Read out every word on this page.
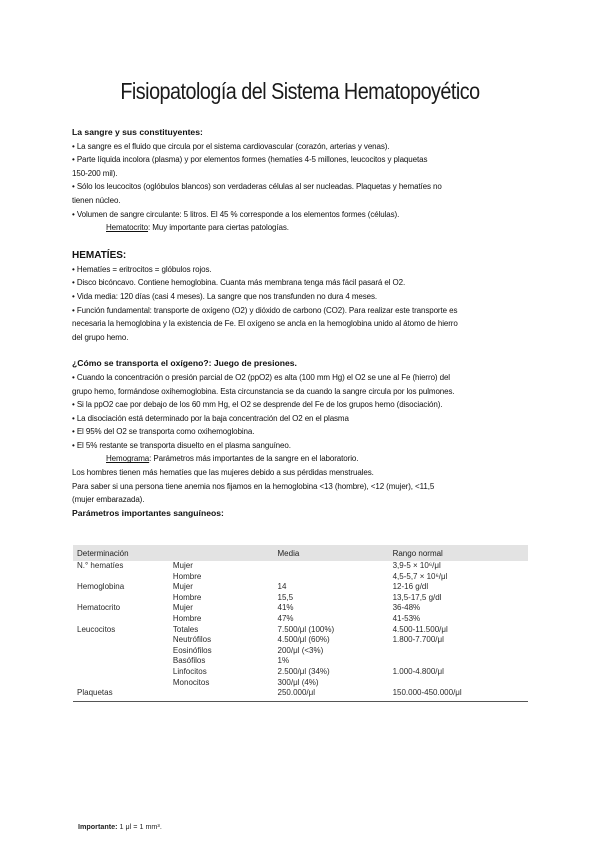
Fisiopatología del Sistema Hematopoyético
La sangre y sus constituyentes:
• La sangre es el fluido que circula por el sistema cardiovascular (corazón, arterias y venas).
• Parte líquida incolora (plasma) y por elementos formes (hematíes 4-5 millones, leucocitos y plaquetas
150-200 mil).
• Sólo los leucocitos (oglóbulos blancos) son verdaderas células al ser nucleadas. Plaquetas y hematíes no
tienen núcleo.
• Volumen de sangre circulante: 5 litros. El 45 % corresponde a los elementos formes (células).
Hematocrito: Muy importante para ciertas patologías.
HEMATÍES:
• Hematíes = eritrocitos = glóbulos rojos.
• Disco bicóncavo. Contiene hemoglobina. Cuanta más membrana tenga más fácil pasará el O2.
• Vida media: 120 días (casi 4 meses). La sangre que nos transfunden no dura 4 meses.
• Función fundamental: transporte de oxígeno (O2) y dióxido de carbono (CO2). Para realizar este transporte es
necesaria la hemoglobina y la existencia de Fe. El oxígeno se ancla en la hemoglobina unido al átomo de hierro
del grupo hemo.
¿Cómo se transporta el oxígeno?: Juego de presiones.
• Cuando la concentración o presión parcial de O2 (ppO2) es alta (100 mm Hg) el O2 se une al Fe (hierro) del
grupo hemo, formándose oxihemoglobina. Esta circunstancia se da cuando la sangre circula por los pulmones.
• Si la ppO2 cae por debajo de los 60 mm Hg, el O2 se desprende del Fe de los grupos hemo (disociación).
• La disociación está determinado por la baja concentración del O2 en el plasma
• El 95% del O2 se transporta como oxihemoglobina.
• El 5% restante se transporta disuelto en el plasma sanguíneo.
Hemograma: Parámetros más importantes de la sangre en el laboratorio.
Los hombres tienen más hematíes que las mujeres debido a sus pérdidas menstruales.
Para saber si una persona tiene anemia nos fijamos en la hemoglobina <13 (hombre), <12 (mujer), <11,5
(mujer embarazada).
Parámetros importantes sanguíneos:
Determinación		Media	Rango normal
N.° hematíes	Mujer		3,9-5 × 10⁶/μl
	Hombre		4,5-5,7 × 10⁶/μl
Hemoglobina	Mujer	14	12-16 g/dl
	Hombre	15,5	13,5-17,5 g/dl
Hematocrito	Mujer	41%	36-48%
	Hombre	47%	41-53%
Leucocitos	Totales	7.500/μl (100%)	4.500-11.500/μl
	Neutrófilos	4.500/μl (60%)	1.800-7.700/μl
	Eosinófilos	200/μl (<3%)	
	Basófilos	1%	
	Linfocitos	2.500/μl (34%)	1.000-4.800/μl
	Monocitos	300/μl (4%)	
Plaquetas		250.000/μl	150.000-450.000/μl
Importante: 1 μl = 1 mm³.
